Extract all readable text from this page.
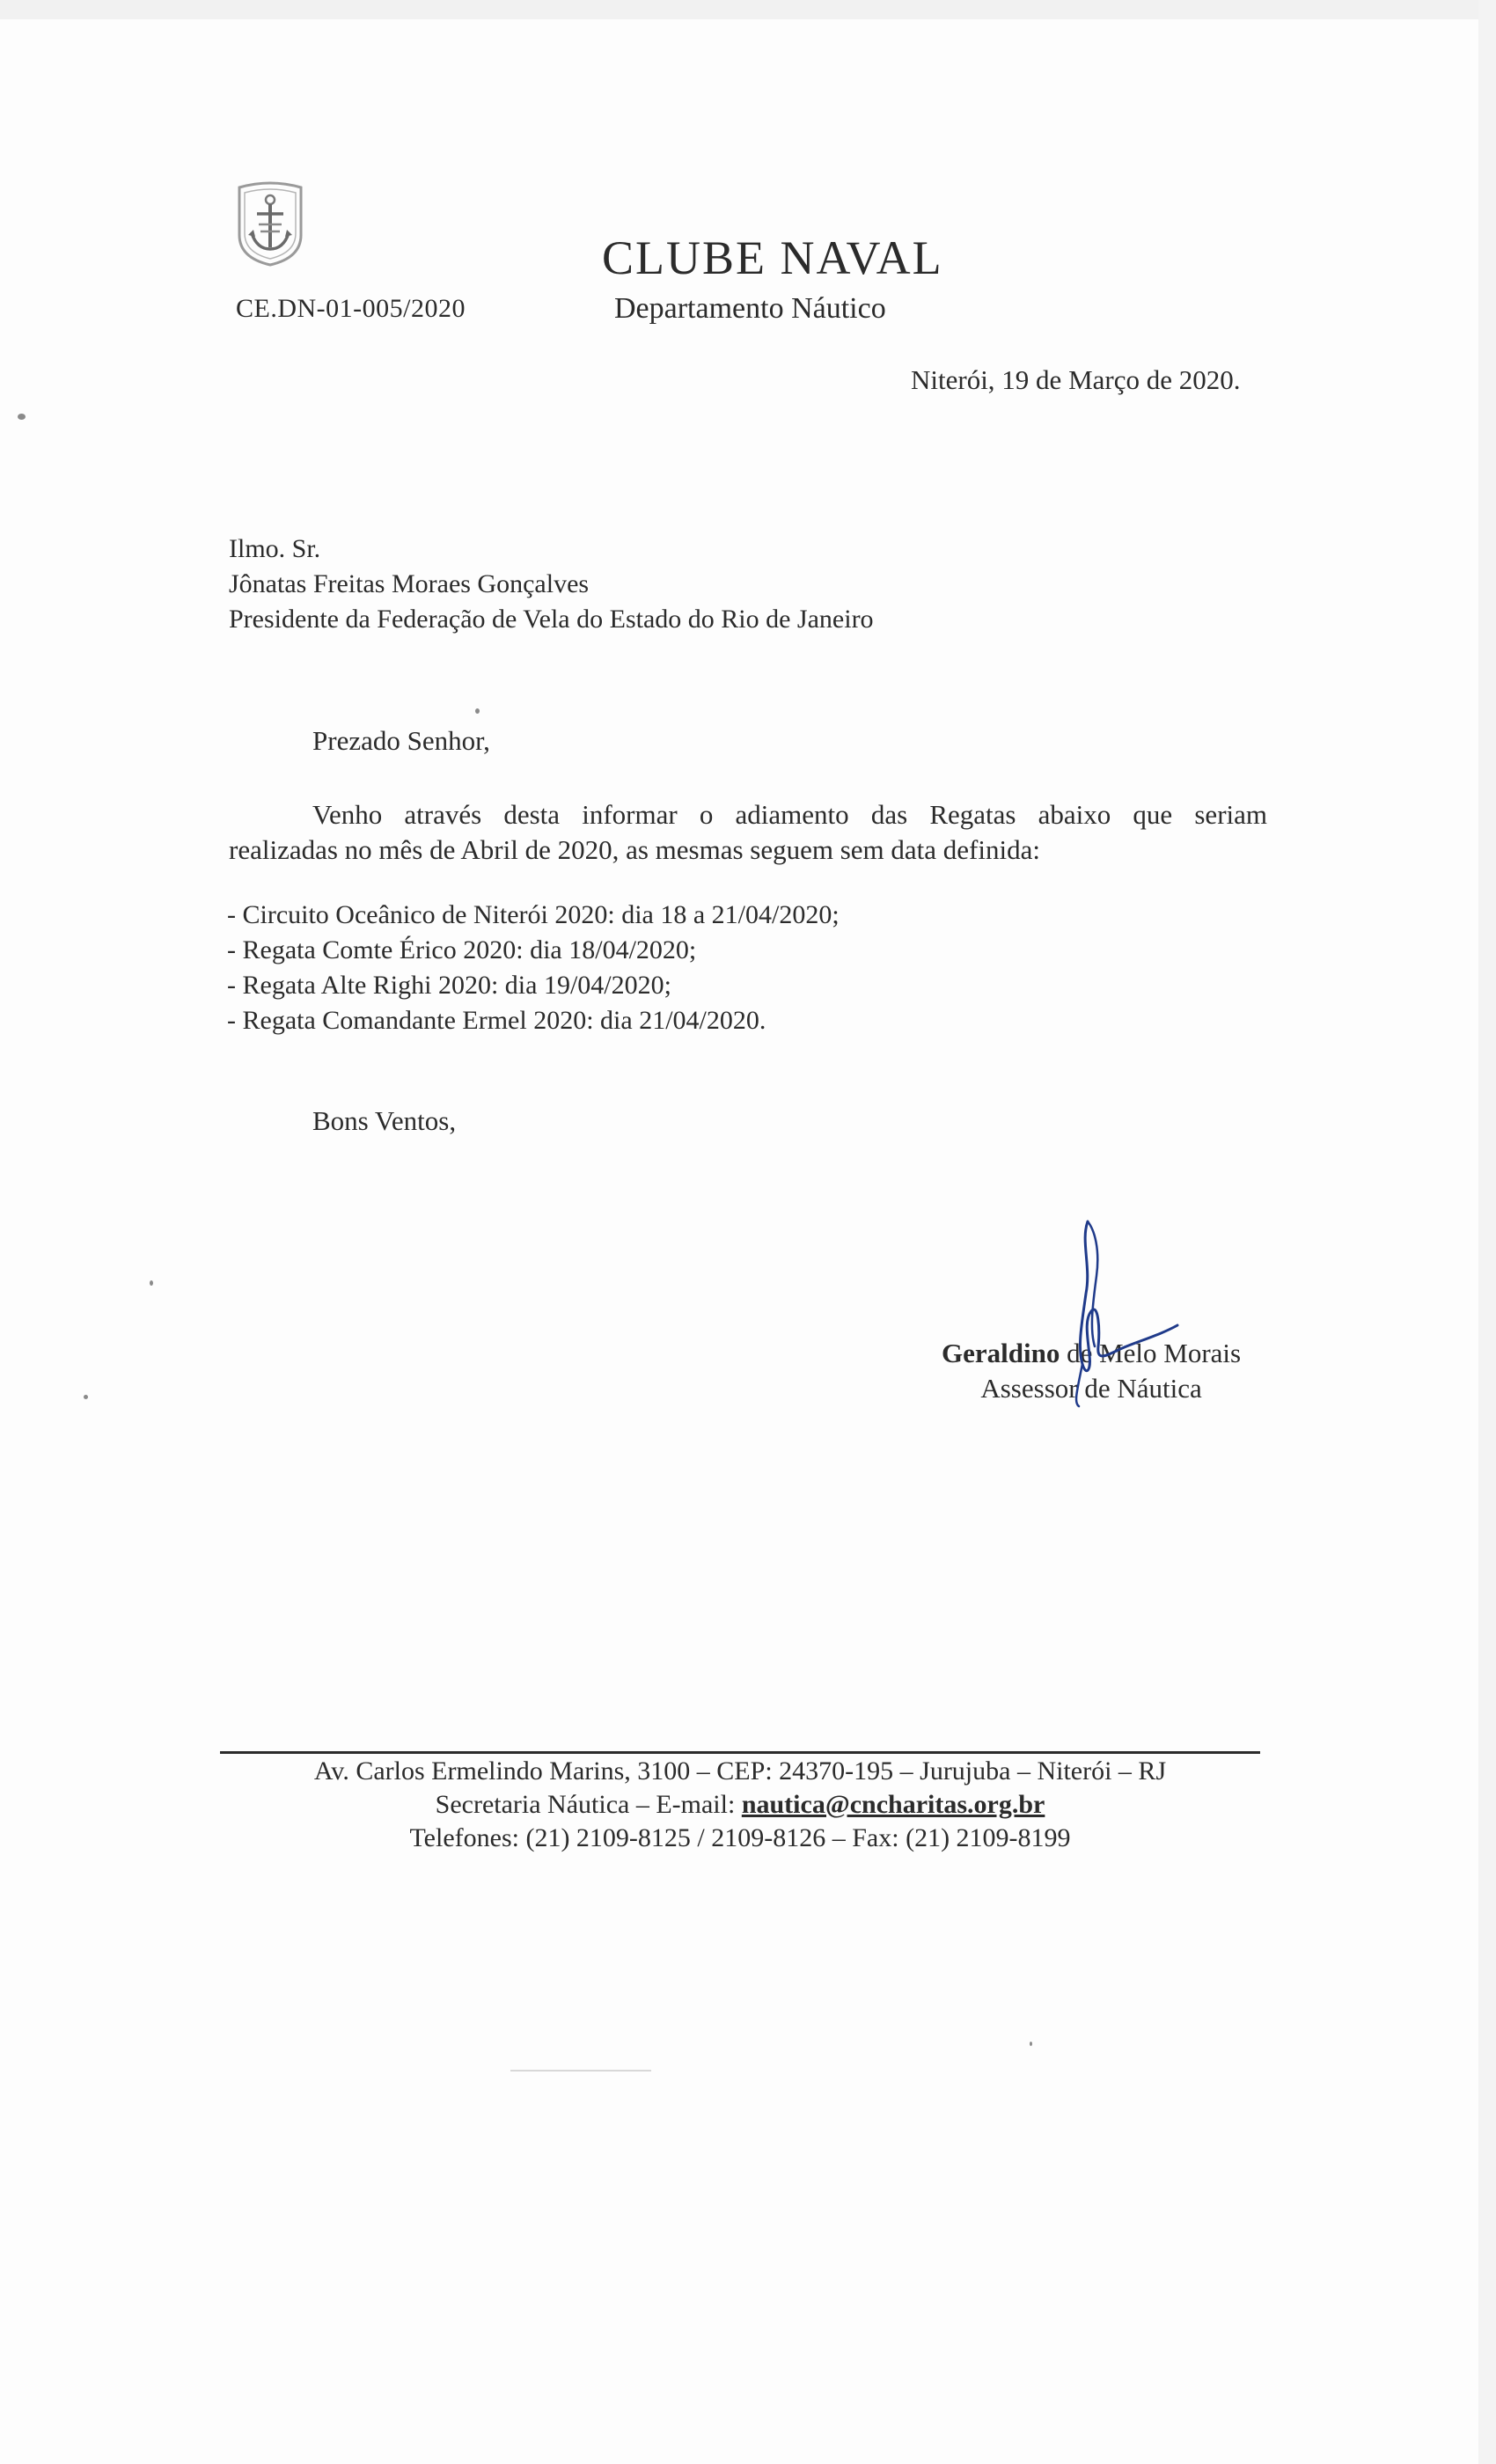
CE.DN-01-005/2020
CLUBE NAVAL
Departamento Náutico
Niterói, 19 de Março de 2020.
Ilmo. Sr.
Jônatas Freitas Moraes Gonçalves
Presidente da Federação de Vela do Estado do Rio de Janeiro
Prezado Senhor,
Venho através desta informar o adiamento das Regatas abaixo que seriam
realizadas no mês de Abril de 2020, as mesmas seguem sem data definida:
- Circuito Oceânico de Niterói 2020: dia 18 a 21/04/2020;
- Regata Comte Érico 2020: dia 18/04/2020;
- Regata Alte Righi 2020: dia 19/04/2020;
- Regata Comandante Ermel 2020: dia 21/04/2020.
Bons Ventos,
Geraldino de Melo Morais
Assessor de Náutica
Av. Carlos Ermelindo Marins, 3100 – CEP: 24370-195 – Jurujuba – Niterói – RJ
Secretaria Náutica – E-mail: nautica@cncharitas.org.br
Telefones: (21) 2109-8125 / 2109-8126 – Fax: (21) 2109-8199
